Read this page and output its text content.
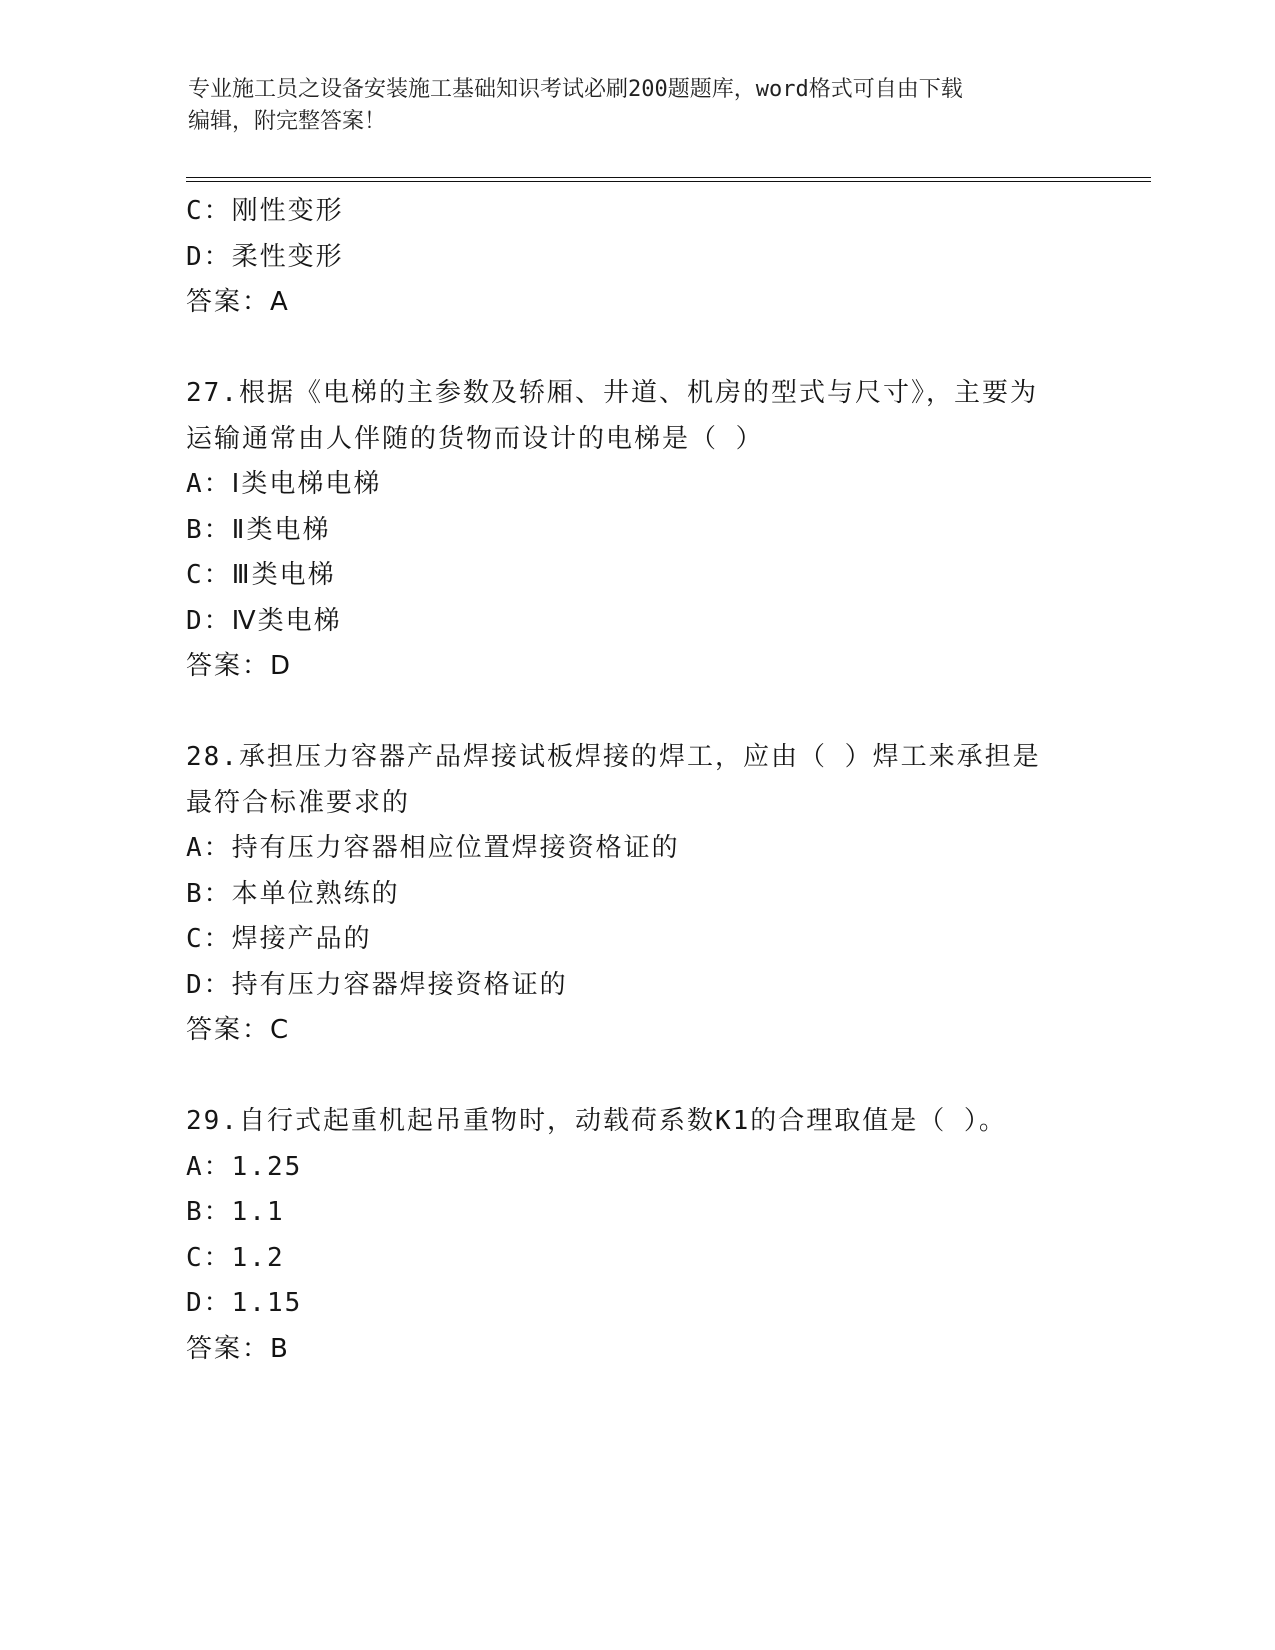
专业施工员之设备安装施工基础知识考试必刷200题题库，word格式可自由下载
编辑，附完整答案！
C：刚性变形
D：柔性变形
答案：A
27.根据《电梯的主参数及轿厢、井道、机房的型式与尺寸》，主要为
运输通常由人伴随的货物而设计的电梯是（ ）
A：Ⅰ类电梯电梯
B：Ⅱ类电梯
C：Ⅲ类电梯
D：Ⅳ类电梯
答案：D
28.承担压力容器产品焊接试板焊接的焊工，应由（ ）焊工来承担是
最符合标准要求的
A：持有压力容器相应位置焊接资格证的
B：本单位熟练的
C：焊接产品的
D：持有压力容器焊接资格证的
答案：C
29.自行式起重机起吊重物时，动载荷系数K1的合理取值是（ ）。
A：1.25
B：1.1
C：1.2
D：1.15
答案：B
